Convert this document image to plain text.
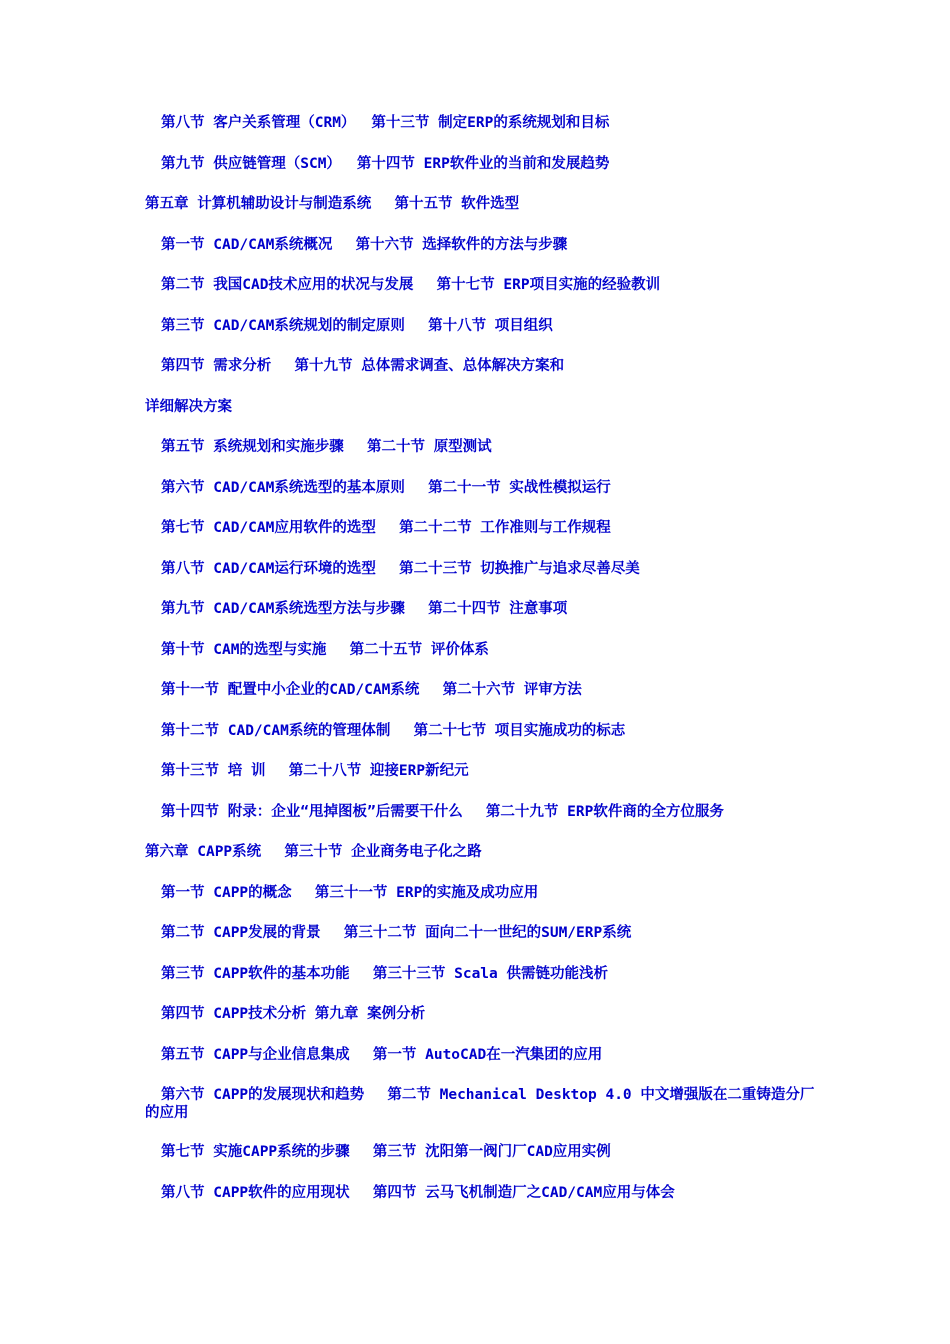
第八节 客户关系管理（CRM）　 第十三节 制定ERP的系统规划和目标
第九节 供应链管理（SCM）　 第十四节 ERP软件业的当前和发展趋势
第五章 计算机辅助设计与制造系统　 第十五节 软件选型
第一节 CAD/CAM系统概况　 第十六节 选择软件的方法与步骤
第二节 我国CAD技术应用的状况与发展　 第十七节 ERP项目实施的经验教训
第三节 CAD/CAM系统规划的制定原则　 第十八节 项目组织
第四节 需求分析　 第十九节 总体需求调查、总体解决方案和
详细解决方案
第五节 系统规划和实施步骤　 第二十节 原型测试
第六节 CAD/CAM系统选型的基本原则　 第二十一节 实战性模拟运行
第七节 CAD/CAM应用软件的选型　 第二十二节 工作准则与工作规程
第八节 CAD/CAM运行环境的选型　 第二十三节 切换推广与追求尽善尽美
第九节 CAD/CAM系统选型方法与步骤　 第二十四节 注意事项
第十节 CAM的选型与实施　 第二十五节 评价体系
第十一节 配置中小企业的CAD/CAM系统　 第二十六节 评审方法
第十二节 CAD/CAM系统的管理体制　 第二十七节 项目实施成功的标志
第十三节 培 训　 第二十八节 迎接ERP新纪元
第十四节 附录：企业“甩掉图板”后需要干什么　 第二十九节 ERP软件商的全方位服务
第六章 CAPP系统　 第三十节 企业商务电子化之路
第一节 CAPP的概念　 第三十一节 ERP的实施及成功应用
第二节 CAPP发展的背景　 第三十二节 面向二十一世纪的SUM/ERP系统
第三节 CAPP软件的基本功能　 第三十三节 Scala 供需链功能浅析
第四节 CAPP技术分析 第九章 案例分析
第五节 CAPP与企业信息集成　 第一节 AutoCAD在一汽集团的应用
第六节 CAPP的发展现状和趋势　 第二节 Mechanical Desktop 4.0 中文增强版在二重铸造分厂的应用
第七节 实施CAPP系统的步骤　 第三节 沈阳第一阀门厂CAD应用实例
第八节 CAPP软件的应用现状　 第四节 云马飞机制造厂之CAD/CAM应用与体会
